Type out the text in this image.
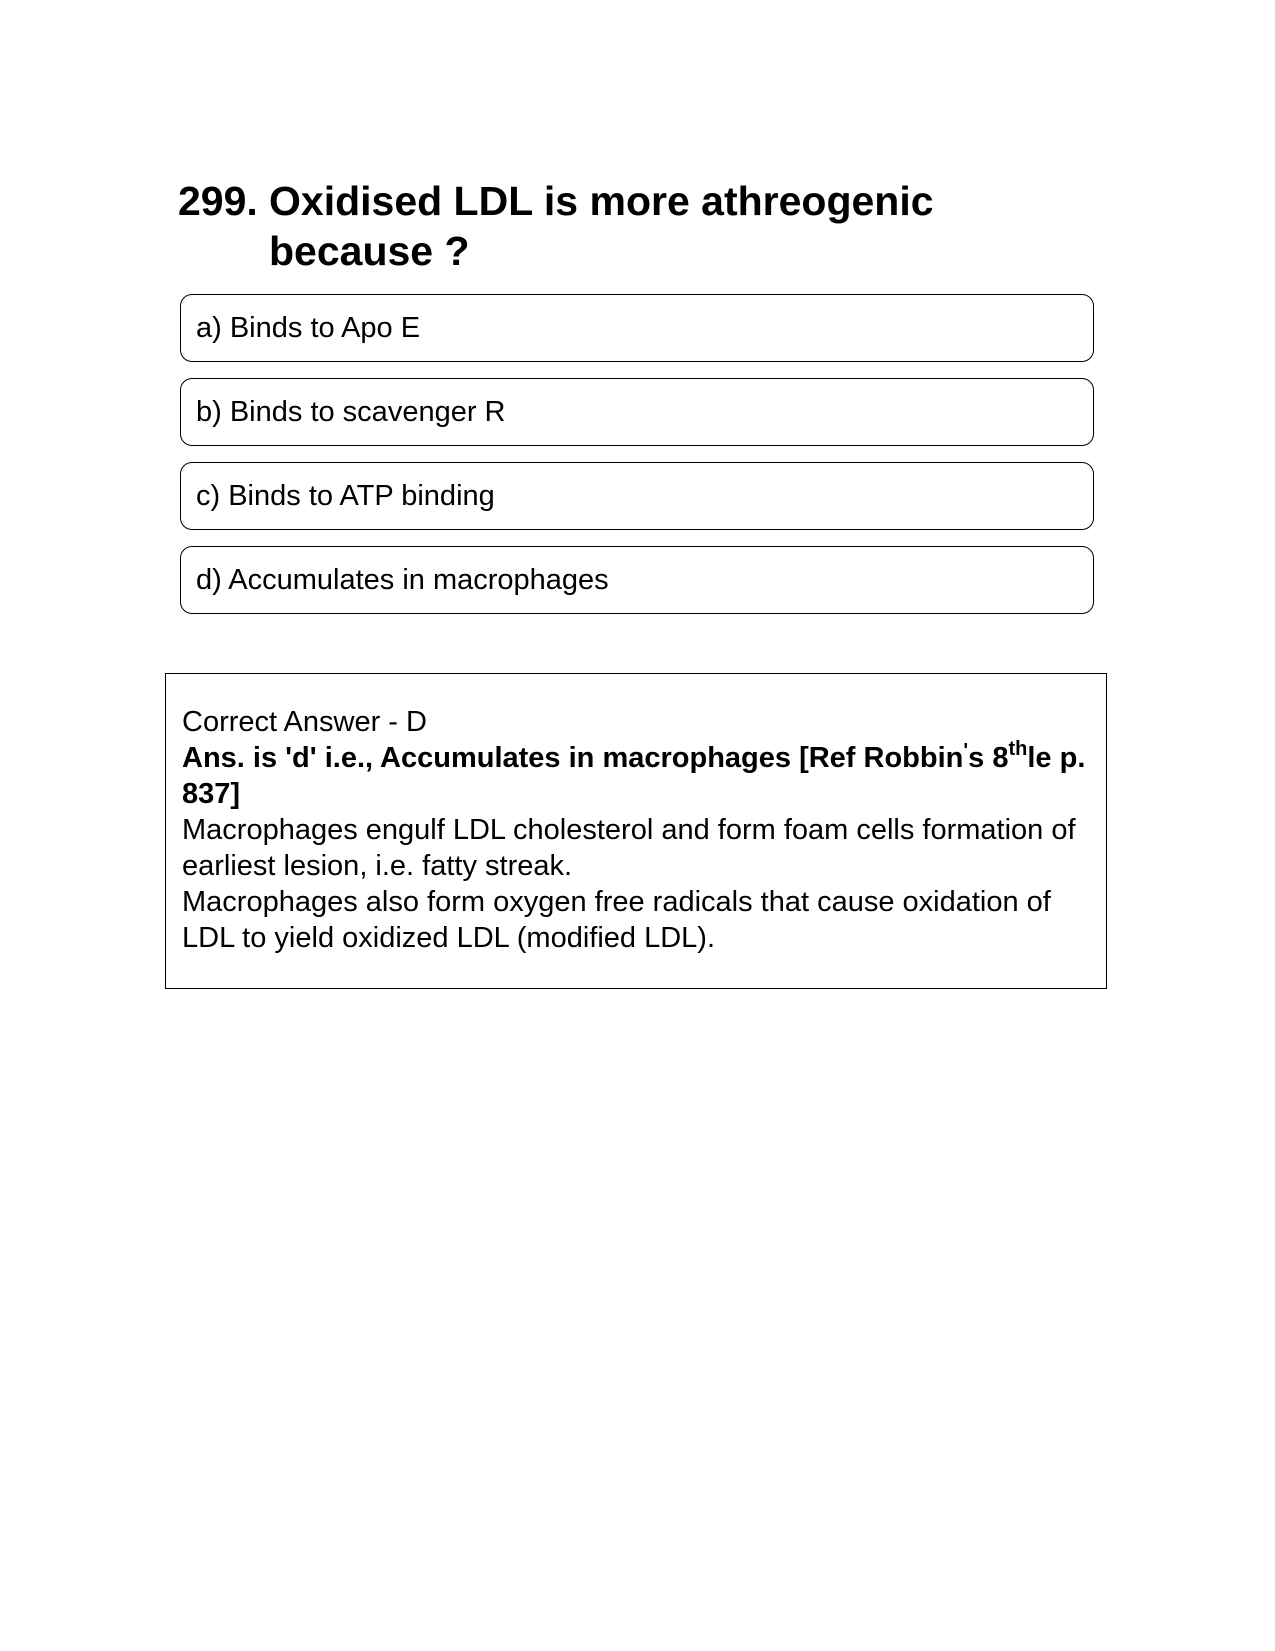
299. Oxidised LDL is more athreogenic because ?
a) Binds to Apo E
b) Binds to scavenger R
c) Binds to ATP binding
d) Accumulates in macrophages

Correct Answer - D

Ans. is 'd' i.e., Accumulates in macrophages [Ref Robbin's 8thle p. 837]

Macrophages engulf LDL cholesterol and form foam cells formation of earliest lesion, i.e. fatty streak.

Macrophages also form oxygen free radicals that cause oxidation of LDL to yield oxidized LDL (modified LDL).
